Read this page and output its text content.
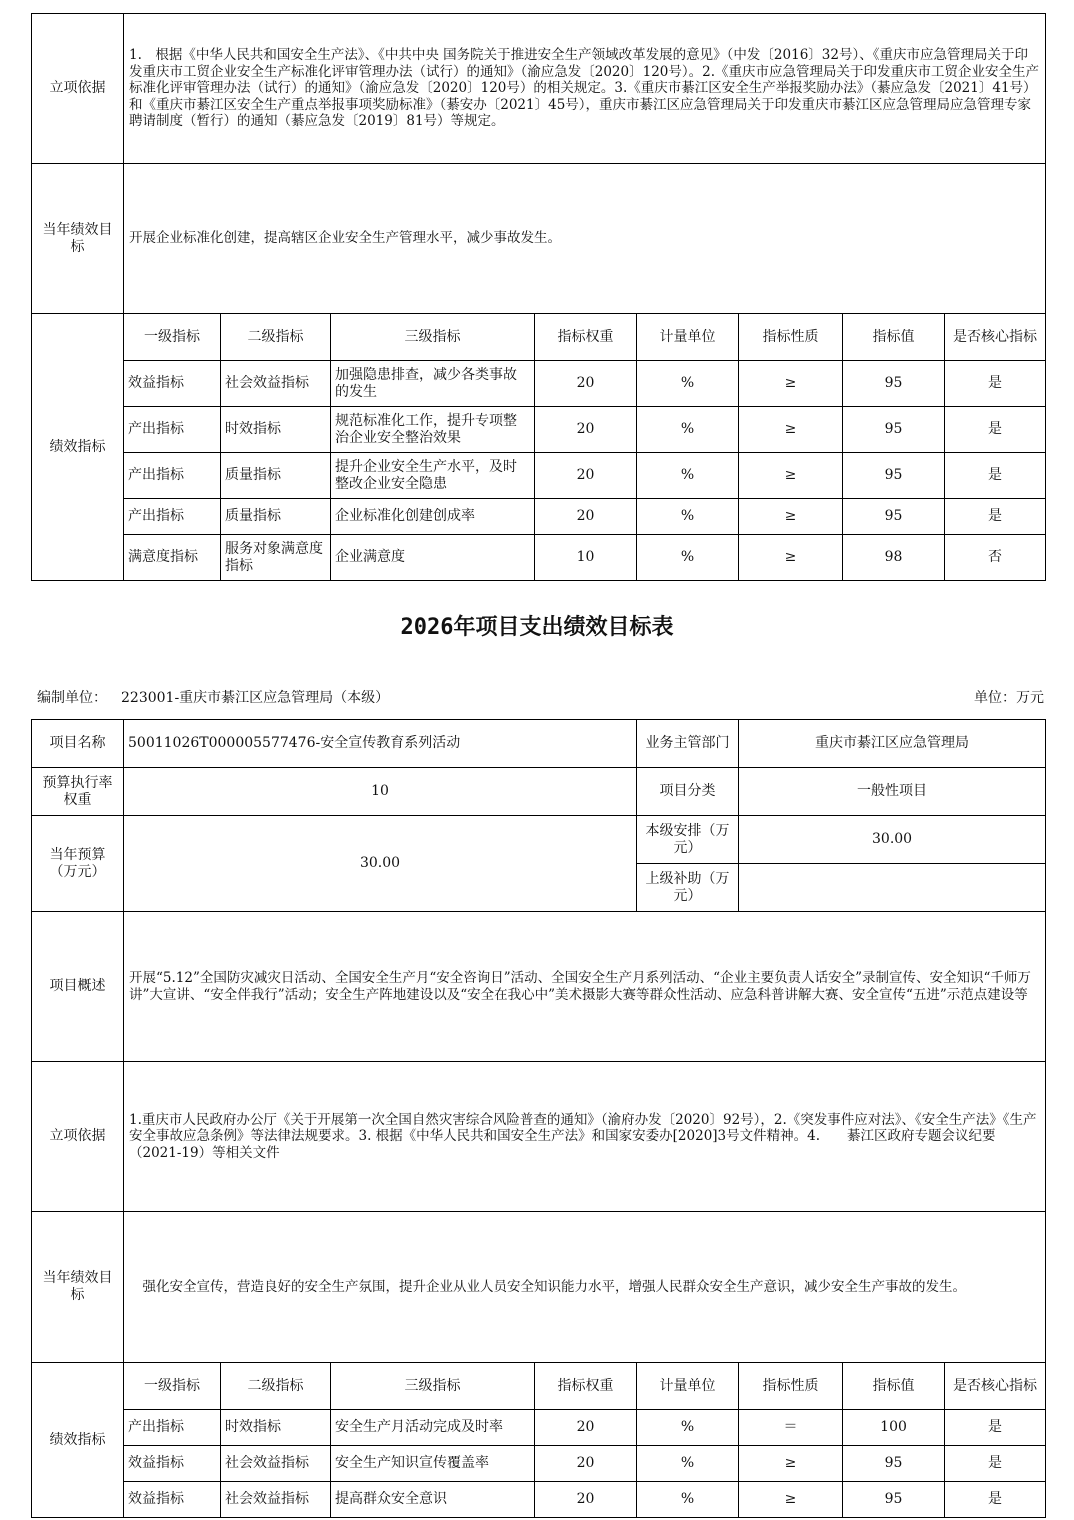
立项依据	1.　根据《中华人民共和国安全生产法》、《中共中央 国务院关于推进安全生产领域改革发展的意见》（中发〔2016〕32号）、《重庆市应急管理局关于印发重庆市工贸企业安全生产标准化评审管理办法（试行）的通知》（渝应急发〔2020〕120号）。2.《重庆市应急管理局关于印发重庆市工贸企业安全生产标准化评审管理办法（试行）的通知》（渝应急发〔2020〕120号）的相关规定。3.《重庆市綦江区安全生产举报奖励办法》（綦应急发〔2021〕41号）和《重庆市綦江区安全生产重点举报事项奖励标准》（綦安办〔2021〕45号），重庆市綦江区应急管理局关于印发重庆市綦江区应急管理局应急管理专家聘请制度（暂行）的通知（綦应急发〔2019〕81号）等规定。							
当年绩效目标	开展企业标准化创建，提高辖区企业安全生产管理水平，减少事故发生。							
绩效指标	一级指标	二级指标	三级指标	指标权重	计量单位	指标性质	指标值	是否核心指标
	效益指标	社会效益指标	加强隐患排查，减少各类事故的发生	20	%	≥	95	是
	产出指标	时效指标	规范标准化工作，提升专项整治企业安全整治效果	20	%	≥	95	是
	产出指标	质量指标	提升企业安全生产水平，及时整改企业安全隐患	20	%	≥	95	是
	产出指标	质量指标	企业标准化创建创成率	20	%	≥	95	是
	满意度指标	服务对象满意度指标	企业满意度	10	%	≥	98	否
2026年项目支出绩效目标表
编制单位： 223001-重庆市綦江区应急管理局（本级）	单位：万元
项目名称	50011026T000005577476-安全宣传教育系列活动				业务主管部门	重庆市綦江区应急管理局		
预算执行率权重	10				项目分类	一般性项目		
当年预算（万元）	30.00				本级安排（万元）	30.00		
					上级补助（万元）			
项目概述	开展“5.12”全国防灾减灾日活动、全国安全生产月“安全咨询日”活动、全国安全生产月系列活动、“企业主要负责人话安全”录制宣传、安全知识“千师万讲”大宣讲、“安全伴我行”活动；安全生产阵地建设以及“安全在我心中”美术摄影大赛等群众性活动、应急科普讲解大赛、安全宣传“五进”示范点建设等							
立项依据	1.重庆市人民政府办公厅《关于开展第一次全国自然灾害综合风险普查的通知》（渝府办发〔2020〕92号），2.《突发事件应对法》、《安全生产法》《生产安全事故应急条例》等法律法规要求。3. 根据《中华人民共和国安全生产法》和国家安委办[2020]3号文件精神。4.　　綦江区政府专题会议纪要（2021-19）等相关文件							
当年绩效目标	　强化安全宣传，营造良好的安全生产氛围，提升企业从业人员安全知识能力水平，增强人民群众安全生产意识，减少安全生产事故的发生。							
绩效指标	一级指标	二级指标	三级指标	指标权重	计量单位	指标性质	指标值	是否核心指标
	产出指标	时效指标	安全生产月活动完成及时率	20	%	＝	100	是
	效益指标	社会效益指标	安全生产知识宣传覆盖率	20	%	≥	95	是
	效益指标	社会效益指标	提高群众安全意识	20	%	≥	95	是
